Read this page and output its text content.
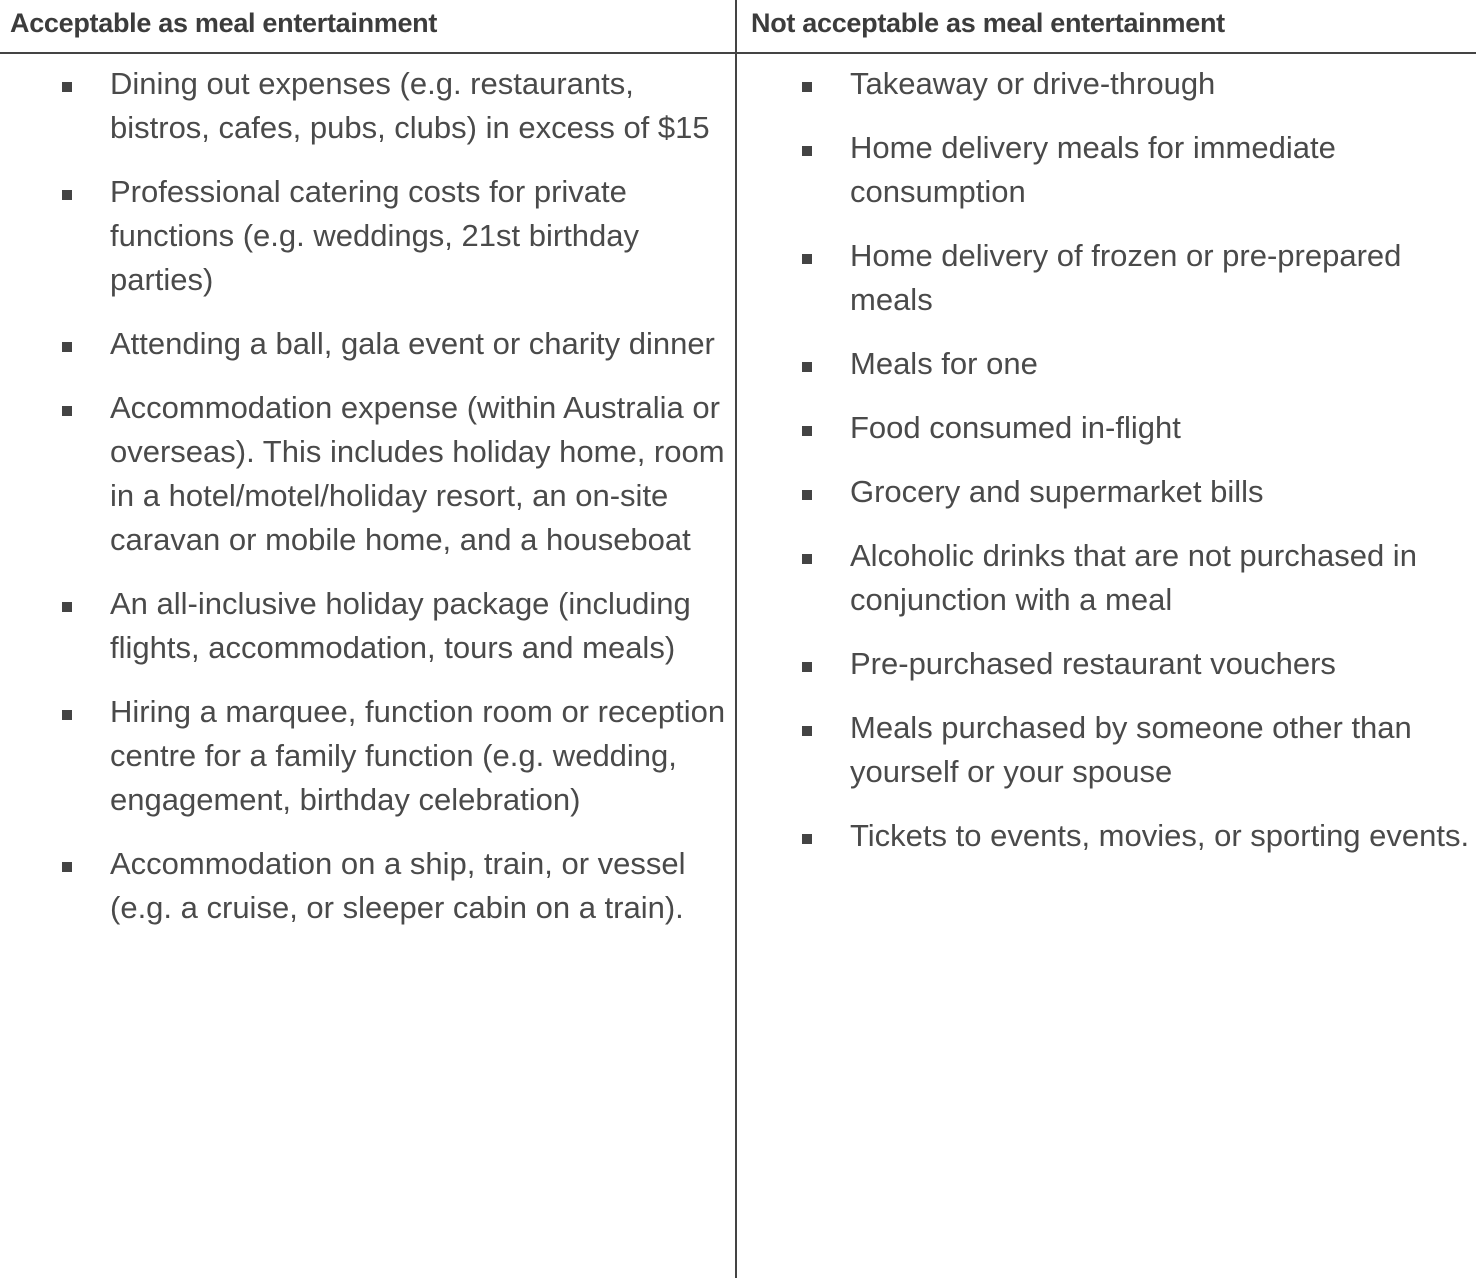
Acceptable as meal entertainment	Not acceptable as meal entertainment
Dining out expenses (e.g. restaurants, bistros, cafes, pubs, clubs) in excess of $15
Professional catering costs for private functions (e.g. weddings, 21st birthday parties)
Attending a ball, gala event or charity dinner
Accommodation expense (within Australia or overseas). This includes holiday home, room in a hotel/motel/holiday resort, an on-site caravan or mobile home, and a houseboat
An all-inclusive holiday package (including flights, accommodation, tours and meals)
Hiring a marquee, function room or reception centre for a family function (e.g. wedding, engagement, birthday celebration)
Accommodation on a ship, train, or vessel (e.g. a cruise, or sleeper cabin on a train).
Takeaway or drive-through
Home delivery meals for immediate consumption
Home delivery of frozen or pre-prepared meals
Meals for one
Food consumed in-flight
Grocery and supermarket bills
Alcoholic drinks that are not purchased in conjunction with a meal
Pre-purchased restaurant vouchers
Meals purchased by someone other than yourself or your spouse
Tickets to events, movies, or sporting events.
